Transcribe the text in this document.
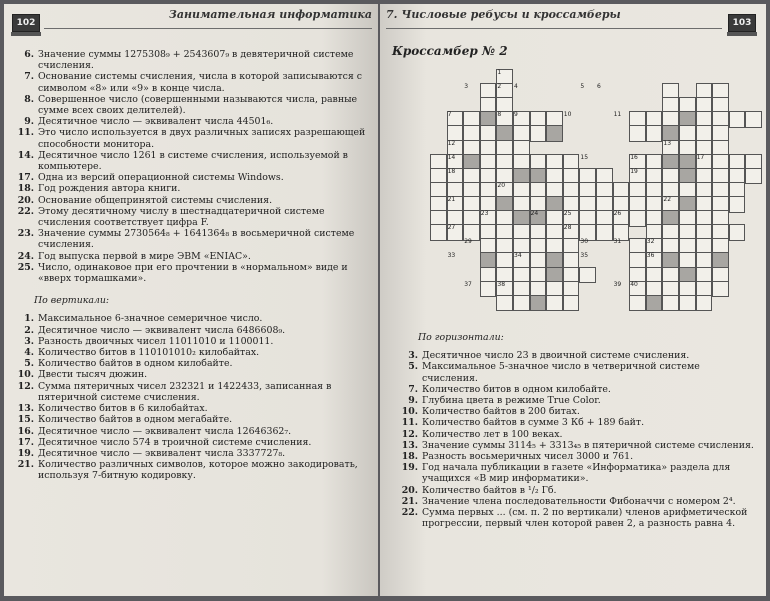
102
Занимательная информатика
6. Значение суммы 1275308₉ + 2543607₉ в девятеричной системе счисления.
7. Основание системы счисления, числа в которой записываются с символом «8» или «9» в конце числа.
8. Совершенное число (совершенными называются числа, равные сумме всех своих делителей).
9. Десятичное число — эквивалент числа 44501₆.
11. Это число используется в двух различных записях разрешающей способности монитора.
14. Десятичное число 1261 в системе счисления, используемой в компьютере.
17. Одна из версий операционной системы Windows.
18. Год рождения автора книги.
20. Основание общепринятой системы счисления.
22. Этому десятичному числу в шестнадцатеричной системе счисления соответствует цифра F.
23. Значение суммы 2730564₈ + 1641364₈ в восьмеричной системе счисления.
24. Год выпуска первой в мире ЭВМ «ENIAC».
25. Число, одинаковое при его прочтении в «нормальном» виде и «вверх тормашками».
По вертикали:
1. Максимальное 6-значное семеричное число.
2. Десятичное число — эквивалент числа 6486608₉.
3. Разность двоичных чисел 11011010 и 1100011.
4. Количество битов в 110101010₂ килобайтах.
5. Количество байтов в одном килобайте.
10. Двести тысяч дюжин.
12. Сумма пятеричных чисел 232321 и 1422433, записанная в пятеричной системе счисления.
13. Количество битов в 6 килобайтах.
15. Количество байтов в одном мегабайте.
16. Десятичное число — эквивалент числа 12646362₇.
17. Десятичное число 574 в троичной системе счисления.
19. Десятичное число — эквивалент числа 3337727₈.
21. Количество различных символов, которое можно закодировать, используя 7-битную кодировку.
103
7. Числовые ребусы и кроссамберы
Кроссамбер № 2
1
2
3	4	5 6
7	8 9	10	11
12	13
14	15	16	17
18	19
20
21	22
23	24	25	26
27	28
29	30	31	32
33	34	35	36
37	38	39 40
По горизонтали:
3. Десятичное число 23 в двоичной системе счисления.
5. Максимальное 5-значное число в четверичной системе счисления.
7. Количество битов в одном килобайте.
9. Глубина цвета в режиме True Color.
10. Количество байтов в 200 битах.
11. Количество байтов в сумме 3 Кб + 189 байт.
12. Количество лет в 100 веках.
13. Значение суммы 3114₅ + 3313₄₅ в пятеричной системе счисления.
18. Разность восьмеричных чисел 3000 и 761.
19. Год начала публикации в газете «Информатика» раздела для учащихся «В мир информатики».
20. Количество байтов в ¹/₂ Гб.
21. Значение члена последовательности Фибоначчи с номером 2⁴.
22. Сумма первых ... (см. п. 2 по вертикали) членов арифметической прогрессии, первый член которой равен 2, а разность равна 4.
